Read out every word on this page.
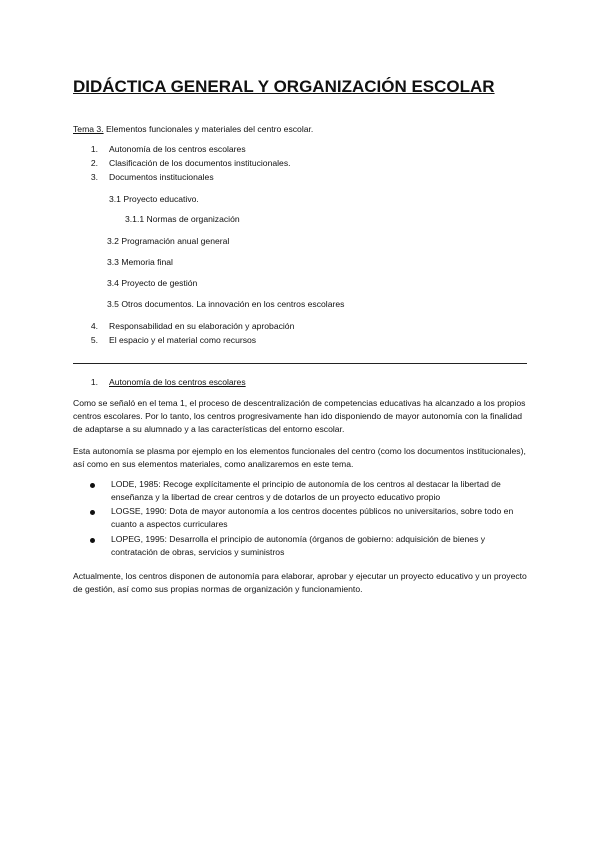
DIDÁCTICA GENERAL Y ORGANIZACIÓN ESCOLAR
Tema 3. Elementos funcionales y materiales del centro escolar.
1. Autonomía de los centros escolares
2. Clasificación de los documentos institucionales.
3. Documentos institucionales
3.1 Proyecto educativo.
3.1.1 Normas de organización
3.2 Programación anual general
3.3 Memoria final
3.4 Proyecto de gestión
3.5 Otros documentos. La innovación en los centros escolares
4. Responsabilidad en su elaboración y aprobación
5. El espacio y el material como recursos
1. Autonomía de los centros escolares
Como se señaló en el tema 1, el proceso de descentralización de competencias educativas ha alcanzado a los propios centros escolares. Por lo tanto, los centros progresivamente han ido disponiendo de mayor autonomía con la finalidad de adaptarse a su alumnado y a las características del entorno escolar.
Esta autonomía se plasma por ejemplo en los elementos funcionales del centro (como los documentos institucionales), así como en sus elementos materiales, como analizaremos en este tema.
LODE, 1985: Recoge explícitamente el principio de autonomía de los centros al destacar la libertad de enseñanza y la libertad de crear centros y de dotarlos de un proyecto educativo propio
LOGSE, 1990: Dota de mayor autonomía a los centros docentes públicos no universitarios, sobre todo en cuanto a aspectos curriculares
LOPEG, 1995: Desarrolla el principio de autonomía (órganos de gobierno: adquisición de bienes y contratación de obras, servicios y suministros
Actualmente, los centros disponen de autonomía para elaborar, aprobar y ejecutar un proyecto educativo y un proyecto de gestión, así como sus propias normas de organización y funcionamiento.
